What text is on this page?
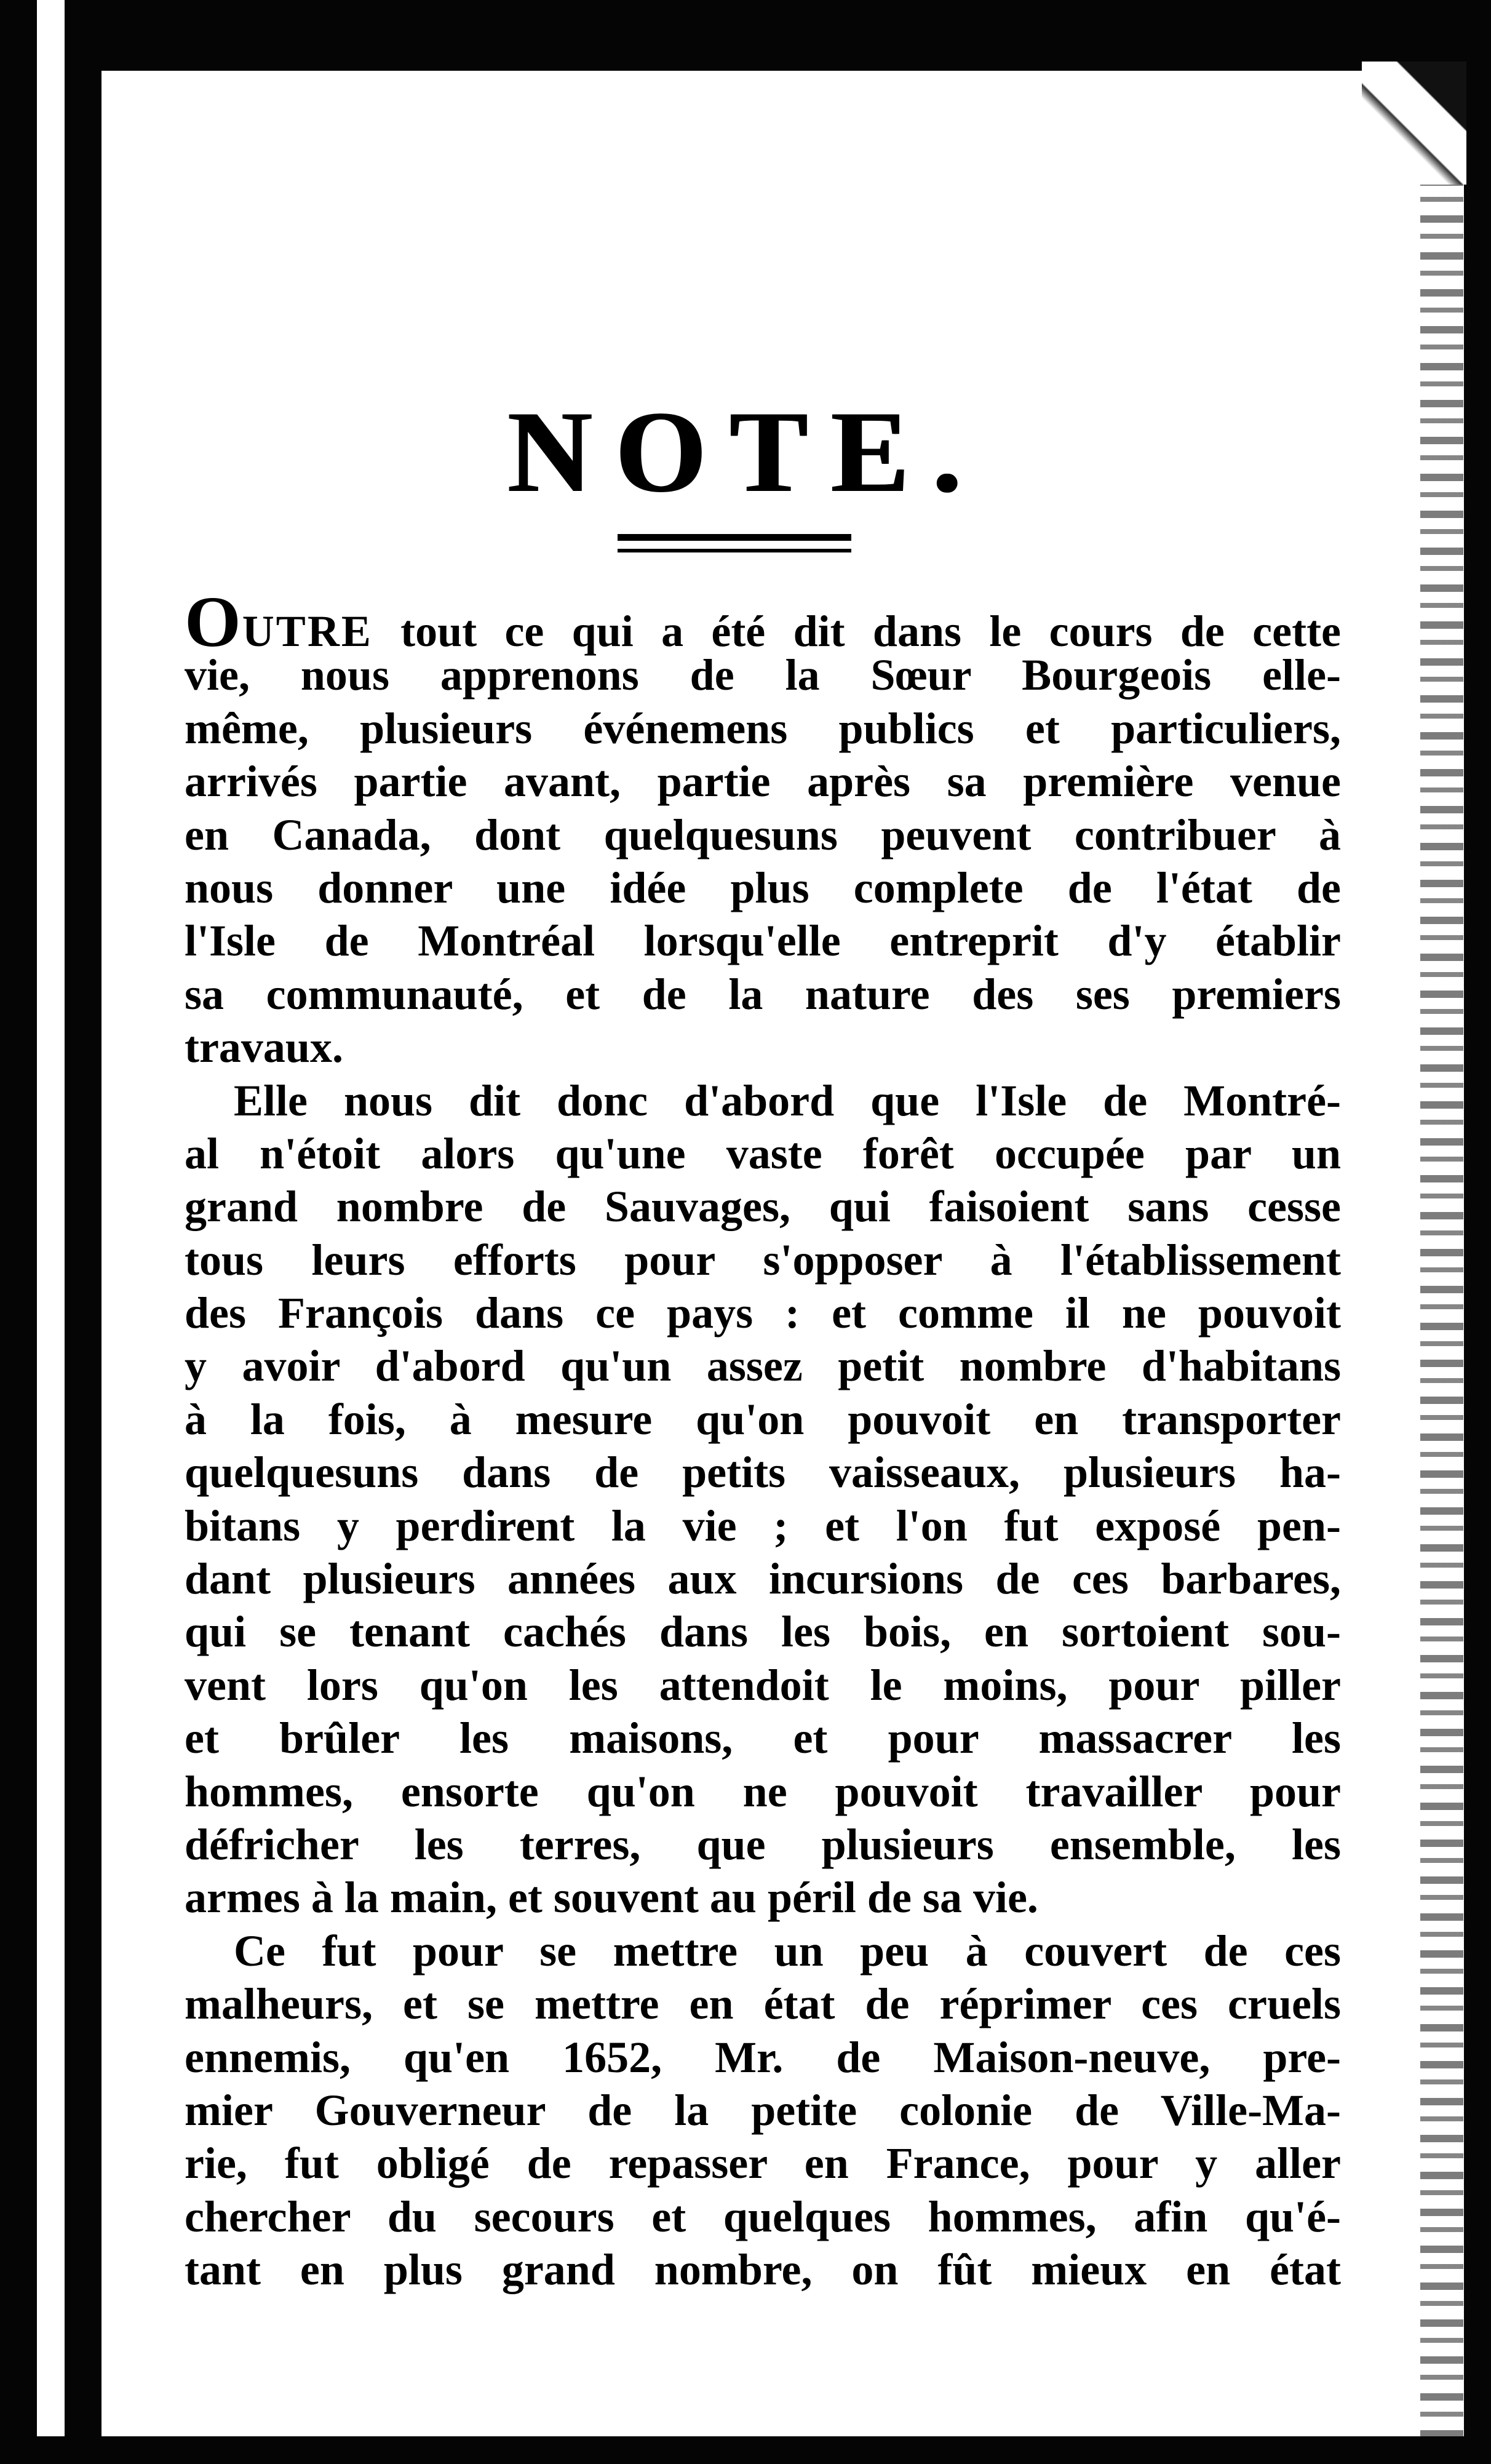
NOTE.
OUTRE tout ce qui a été dit dans le cours de cette
vie, nous apprenons de la Sœur Bourgeois elle-
même, plusieurs événemens publics et particuliers,
arrivés partie avant, partie après sa première venue
en Canada, dont quelquesuns peuvent contribuer à
nous donner une idée plus complete de l'état de
l'Isle de Montréal lorsqu'elle entreprit d'y établir
sa communauté, et de la nature des ses premiers
travaux.
Elle nous dit donc d'abord que l'Isle de Montré-
al n'étoit alors qu'une vaste forêt occupée par un
grand nombre de Sauvages, qui faisoient sans cesse
tous leurs efforts pour s'opposer à l'établissement
des François dans ce pays : et comme il ne pouvoit
y avoir d'abord qu'un assez petit nombre d'habitans
à la fois, à mesure qu'on pouvoit en transporter
quelquesuns dans de petits vaisseaux, plusieurs ha-
bitans y perdirent la vie ; et l'on fut exposé pen-
dant plusieurs années aux incursions de ces barbares,
qui se tenant cachés dans les bois, en sortoient sou-
vent lors qu'on les attendoit le moins, pour piller
et brûler les maisons, et pour massacrer les
hommes, ensorte qu'on ne pouvoit travailler pour
défricher les terres, que plusieurs ensemble, les
armes à la main, et souvent au péril de sa vie.
Ce fut pour se mettre un peu à couvert de ces
malheurs, et se mettre en état de réprimer ces cruels
ennemis, qu'en 1652, Mr. de Maison-neuve, pre-
mier Gouverneur de la petite colonie de Ville-Ma-
rie, fut obligé de repasser en France, pour y aller
chercher du secours et quelques hommes, afin qu'é-
tant en plus grand nombre, on fût mieux en état
